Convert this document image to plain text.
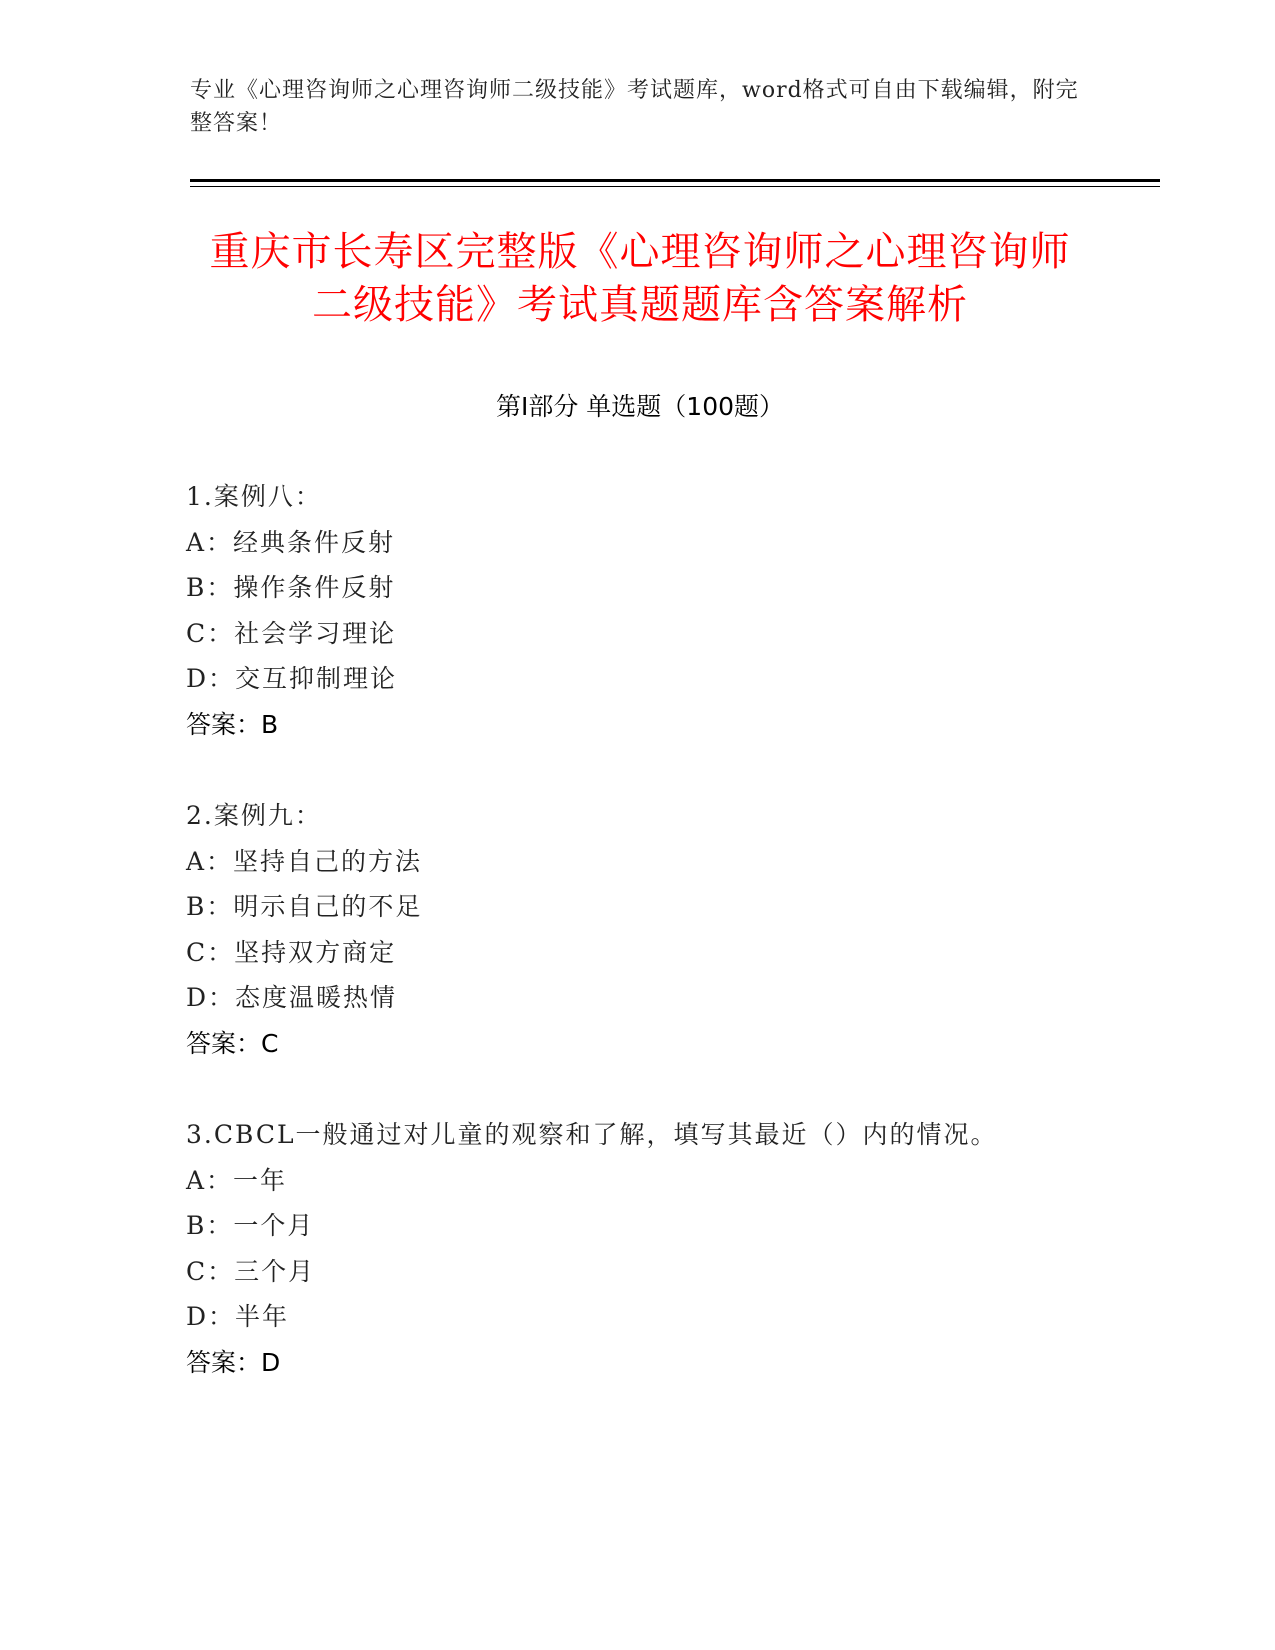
专业《心理咨询师之心理咨询师二级技能》考试题库，word格式可自由下载编辑，附完整答案！
重庆市长寿区完整版《心理咨询师之心理咨询师二级技能》考试真题题库含答案解析
第I部分 单选题（100题）
1.案例八：
A：经典条件反射
B：操作条件反射
C：社会学习理论
D：交互抑制理论
答案：B
2.案例九：
A：坚持自己的方法
B：明示自己的不足
C：坚持双方商定
D：态度温暖热情
答案：C
3.CBCL一般通过对儿童的观察和了解，填写其最近（）内的情况。
A：一年
B：一个月
C：三个月
D：半年
答案：D
